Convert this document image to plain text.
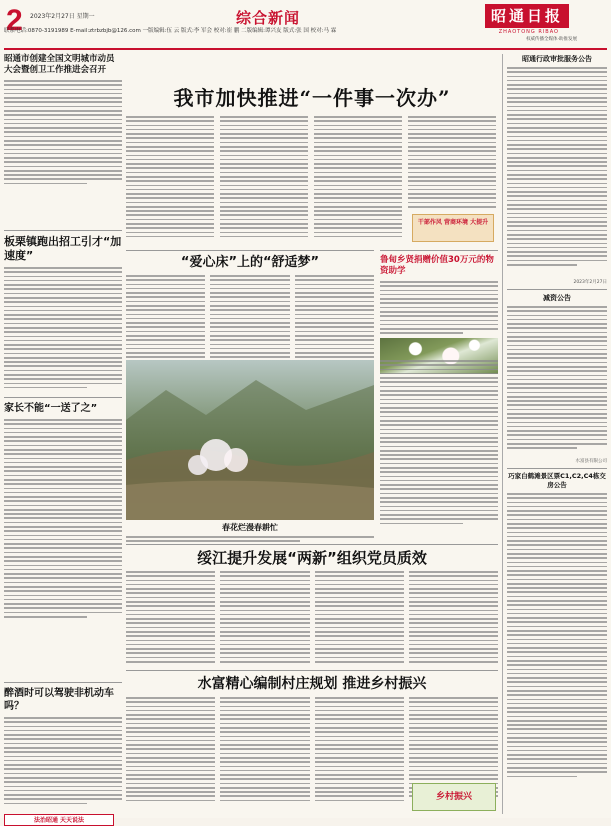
2 2023年2月27日 星期一	综合新闻	昭通日报
ZHAOTONG RIBAO
权威传播全媒体·助推发展
联系电话:0870-3191989 E-mail:ztrbzbjb@126.com 一版编辑:伍 云 版式:李 军会 校对:崔 鹏 二版编辑:谭兴友 版式:张 国 校对:马 霖
昭通市创建全国文明城市动员大会暨创卫工作推进会召开
板栗镇跑出招工引才“加速度”
家长不能“一送了之”
醉酒时可以驾驶非机动车吗？
法治昭通 天天说法
我市加快推进“一件事一次办”
干部作风 营商环境 大提升
“爱心床”上的“舒适梦”	鲁甸乡贤捐赠价值30万元的物资助学
春花烂漫春耕忙
绥江提升发展“两新”组织党员质效
水富精心编制村庄规划 推进乡村振兴
乡村振兴
昭通行政审批服务公告
2023年2月27日
减资公告
水富县有限公司
巧家白鹤滩景区票C1,C2,C4栋交房公告
